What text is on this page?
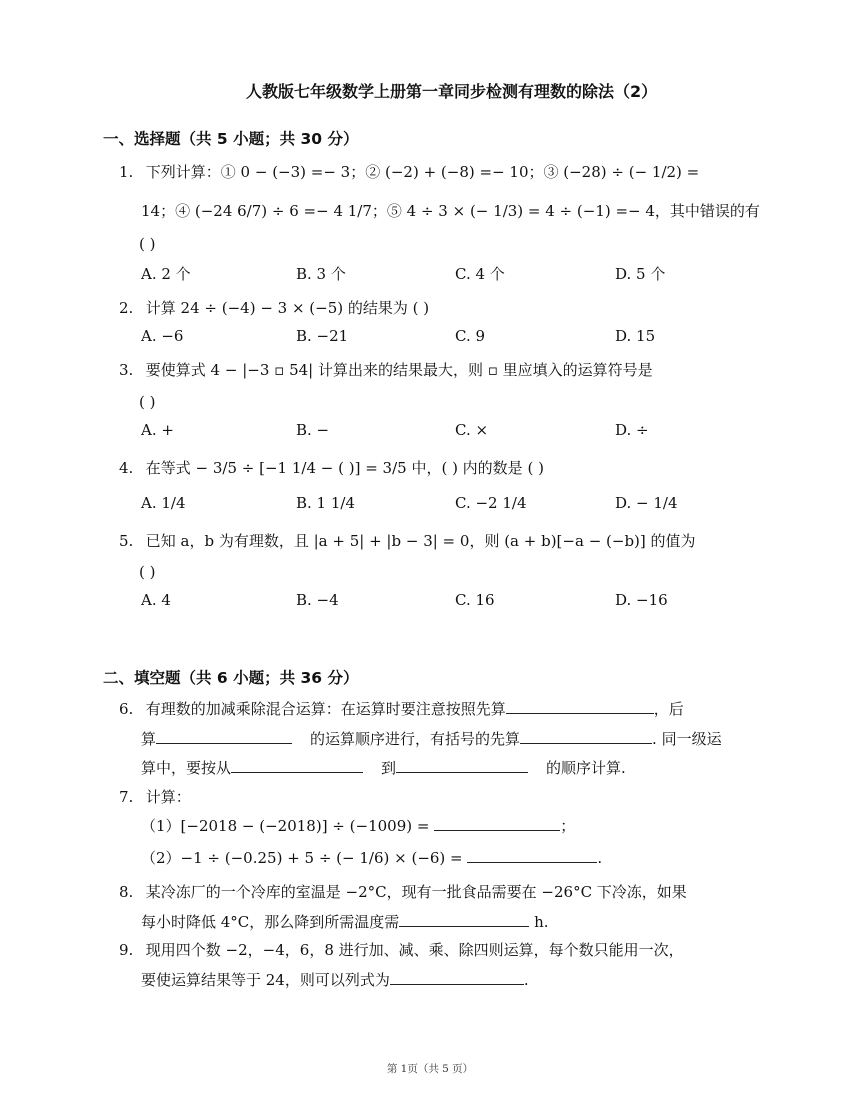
人教版七年级数学上册第一章同步检测有理数的除法（2）
一、选择题（共 5 小题；共 30 分）
1. 下列计算：① 0 − (−3) =− 3；② (−2) + (−8) =− 10；③ (−28) ÷ (− 1/2) =
14；④ (−24 6/7) ÷ 6 =− 4 1/7；⑤ 4 ÷ 3 × (− 1/3) = 4 ÷ (−1) =− 4，其中错误的有
( )
A. 2 个	B. 3 个	C. 4 个	D. 5 个
2. 计算 24 ÷ (−4) − 3 × (−5) 的结果为 ( )
A. −6	B. −21	C. 9	D. 15
3. 要使算式 4 − |−3 ▫ 54| 计算出来的结果最大，则 ▫ 里应填入的运算符号是
( )
A. +	B. −	C. ×	D. ÷
4. 在等式 − 3/5 ÷ [−1 1/4 − ( )] = 3/5 中，( ) 内的数是 ( )
A. 1/4	B. 1 1/4	C. −2 1/4	D. − 1/4
5. 已知 a，b 为有理数，且 |a + 5| + |b − 3| = 0，则 (a + b)[−a − (−b)] 的值为
( )
A. 4	B. −4	C. 16	D. −16
二、填空题（共 6 小题；共 36 分）
6. 有理数的加减乘除混合运算：在运算时要注意按照先算	，后
算	的运算顺序进行，有括号的先算	. 同一级运
算中，要按从	到	的顺序计算.
7. 计算：
（1）[−2018 − (−2018)] ÷ (−1009) =	；
（2）−1 ÷ (−0.25) + 5 ÷ (− 1/6) × (−6) =	.
8. 某冷冻厂的一个冷库的室温是 −2°C，现有一批食品需要在 −26°C 下冷冻，如果
每小时降低 4°C，那么降到所需温度需	h.
9. 现用四个数 −2，−4，6，8 进行加、减、乘、除四则运算，每个数只能用一次，
要使运算结果等于 24，则可以列式为	.
第 1页（共 5 页）
